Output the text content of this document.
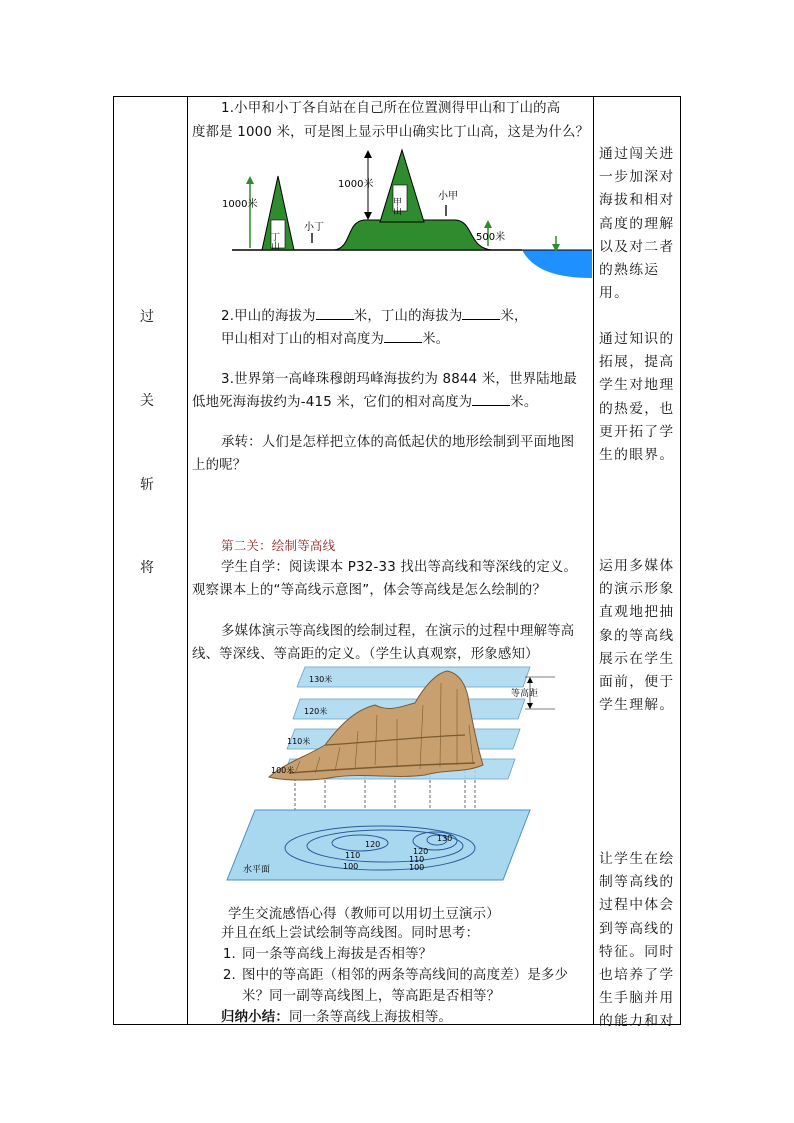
过
关
斩
将
1.小甲和小丁各自站在自己所在位置测得甲山和丁山的高
度都是 1000 米，可是图上显示甲山确实比丁山高，这是为什么？
丁山
1000米
小丁
甲山
1000米
小甲
500米
2.甲山的海拔为	米，丁山的海拔为	米，
甲山相对丁山的相对高度为	米。
3.世界第一高峰珠穆朗玛峰海拔约为 8844 米，世界陆地最
低地死海海拔约为-415 米，它们的相对高度为	米。
承转：人们是怎样把立体的高低起伏的地形绘制到平面地图
上的呢？
第二关：绘制等高线
学生自学：阅读课本 P32-33 找出等高线和等深线的定义。
观察课本上的“等高线示意图”，体会等高线是怎么绘制的？
多媒体演示等高线图的绘制过程，在演示的过程中理解等高
线、等深线、等高距的定义。（学生认真观察，形象感知）
水平面
120
130
120
110	110
100	100
130米
120米
110米
100米
等高距
学生交流感悟心得（教师可以用切土豆演示）
并且在纸上尝试绘制等高线图。同时思考：
1. 同一条等高线上海拔是否相等？
2. 图中的等高距（相邻的两条等高线间的高度差）是多少
米？同一副等高线图上，等高距是否相等？
归纳小结：同一条等高线上海拔相等。
通过闯关进
一步加深对
海拔和相对
高度的理解
以及对二者
的熟练运用。
通过知识的
拓展，提高
学生对地理
的热爱，也
更开拓了学
生的眼界。
运用多媒体
的演示形象
直观地把抽
象的等高线
展示在学生
面前，便于
学生理解。
让学生在绘
制等高线的
过程中体会
到等高线的
特征。同时
也培养了学
生手脑并用
的能力和对
